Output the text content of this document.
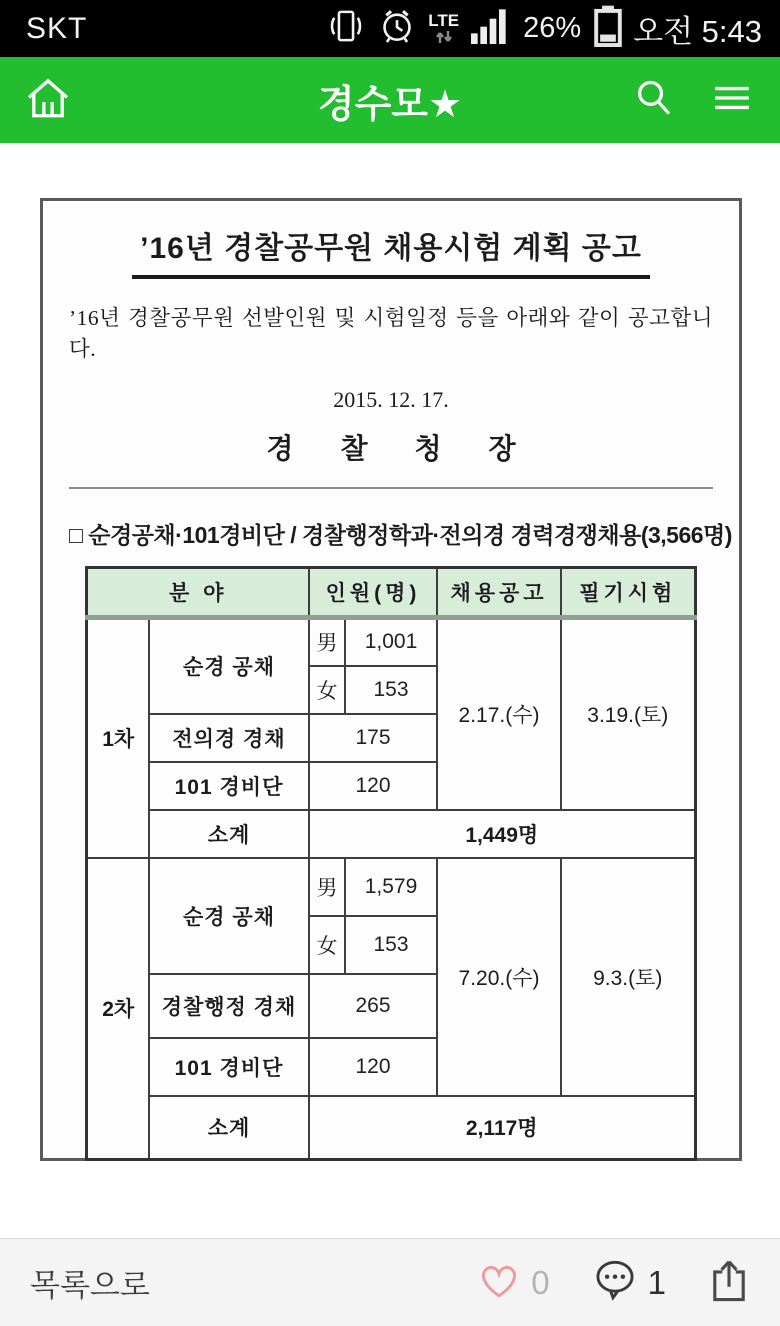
SKT	LTE 26% 오전 5:43
경수모★
’16년 경찰공무원 채용시험 계획 공고

’16년 경찰공무원 선발인원 및 시험일정 등을 아래와 같이 공고합니다.

2015. 12. 17.

경 찰 청 장

□ 순경공채·101경비단 / 경찰행정학과·전의경 경력경쟁채용(3,566명)

분 야		인원(명)		채용공고	필기시험
1차	순경 공채	男	1,001	2.17.(수)	3.19.(토)
		女	153		
	전의경 경채	175			
	101 경비단	120			
	소계	1,449명			
2차	순경 공채	男	1,579	7.20.(수)	9.3.(토)
		女	153		
	경찰행정 경채	265			
	101 경비단	120			
	소계	2,117명			
목록으로	0	1
